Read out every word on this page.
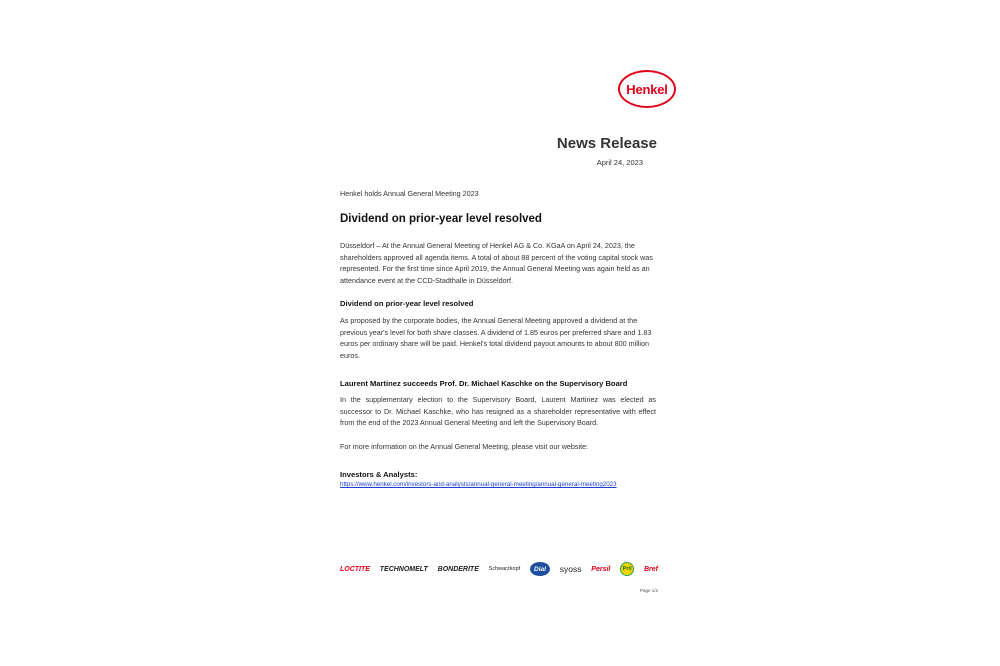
Henkel
News Release
April 24, 2023
Henkel holds Annual General Meeting 2023
Dividend on prior-year level resolved
Düsseldorf – At the Annual General Meeting of Henkel AG & Co. KGaA on April 24, 2023, the shareholders approved all agenda items. A total of about 88 percent of the voting capital stock was represented. For the first time since April 2019, the Annual General Meeting was again held as an attendance event at the CCD-Stadthalle in Düsseldorf.
Dividend on prior-year level resolved
As proposed by the corporate bodies, the Annual General Meeting approved a dividend at the previous year's level for both share classes. A dividend of 1.85 euros per preferred share and 1.83 euros per ordinary share will be paid. Henkel's total dividend payout amounts to about 800 million euros.
Laurent Martinez succeeds Prof. Dr. Michael Kaschke on the Supervisory Board
In the supplementary election to the Supervisory Board, Laurent Martinez was elected as successor to Dr. Michael Kaschke, who has resigned as a shareholder representative with effect from the end of the 2023 Annual General Meeting and left the Supervisory Board.
For more information on the Annual General Meeting, please visit our website:
Investors & Analysts:
https://www.henkel.com/investors-and-analysts/annual-general-meeting/annual-general-meeting2023
LOCTITE TECHNOMELT BONDERITE Schwarzkopf Dial syoss Persil Pril Bref
Page 1/2
